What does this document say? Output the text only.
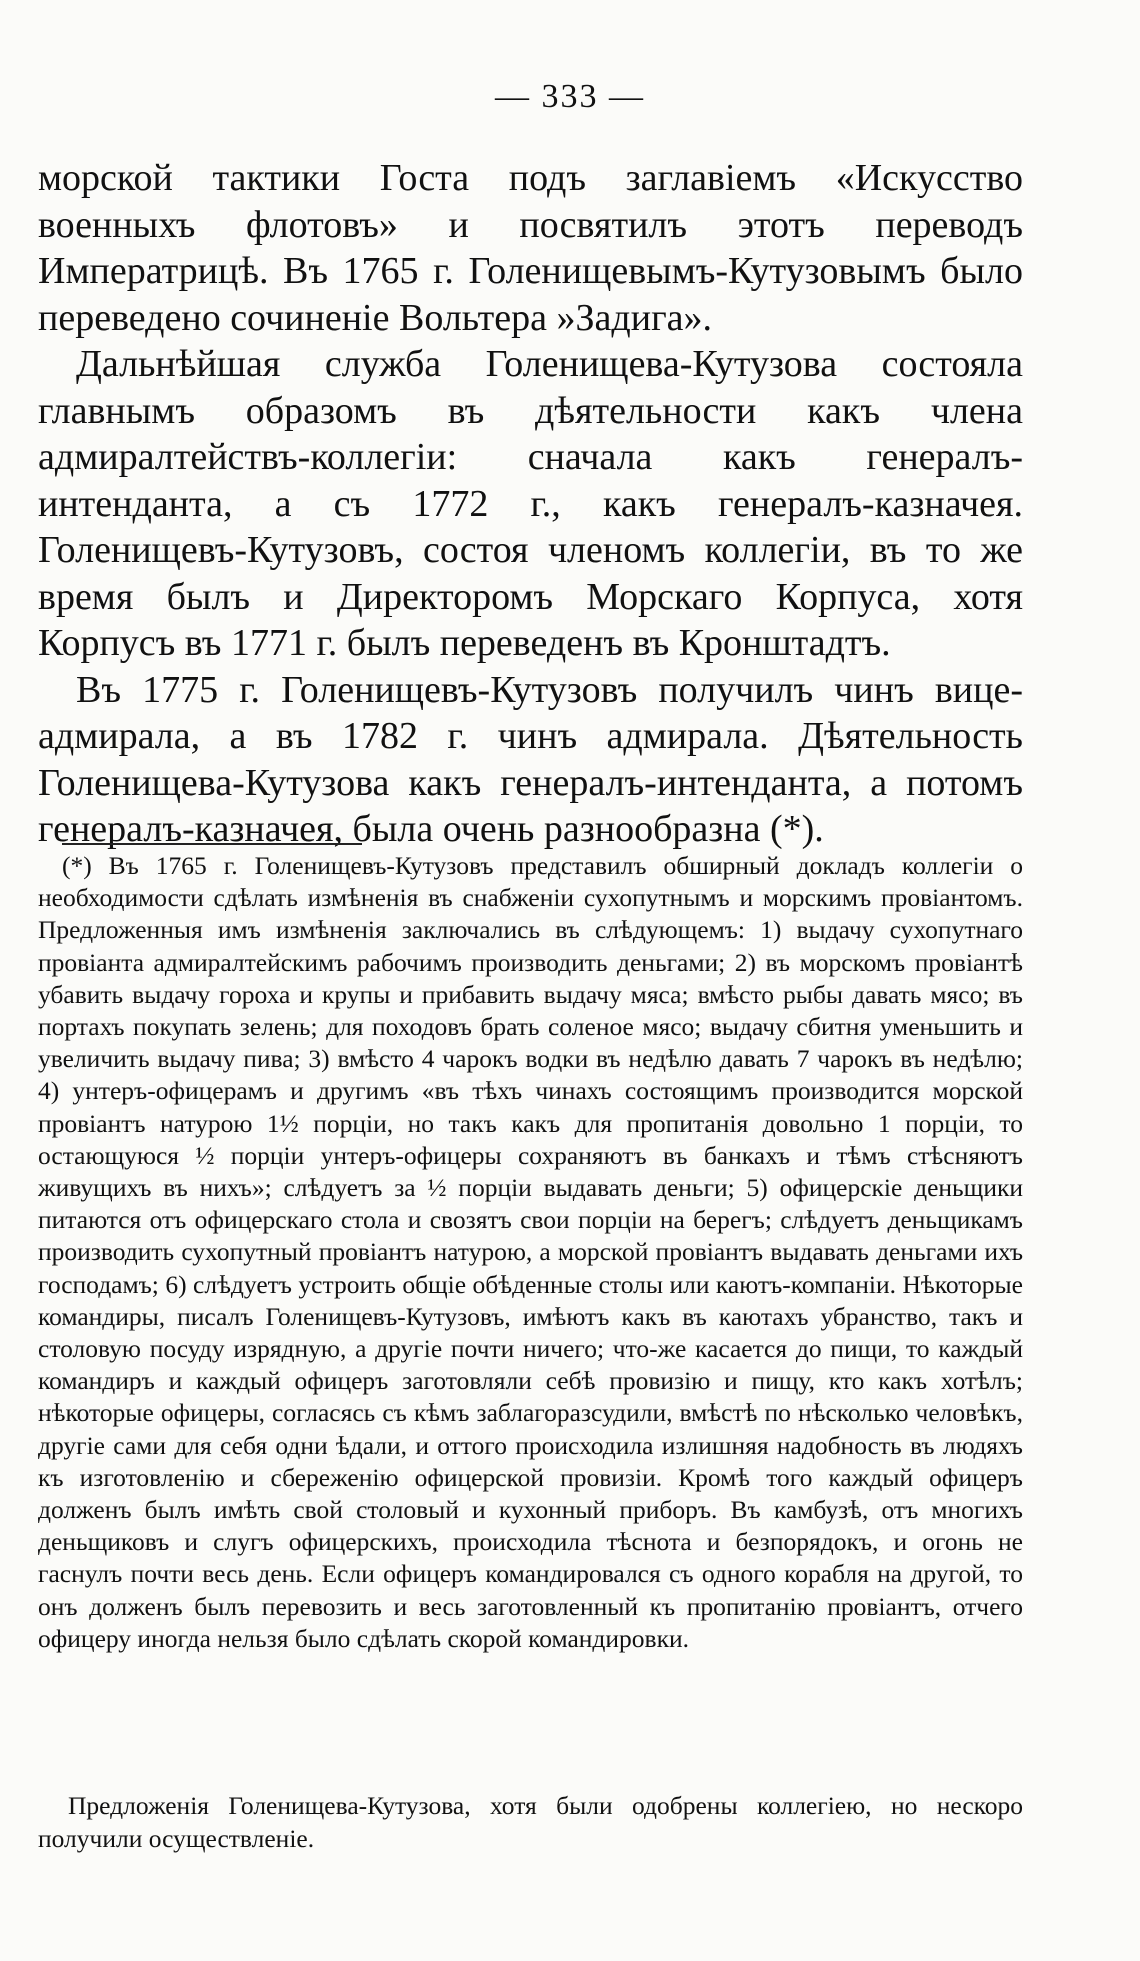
— 333 —

морской тактики Госта подъ заглавіемъ «Искусство военныхъ флотовъ» и посвятилъ этотъ переводъ Императрицѣ. Въ 1765 г. Голенищевымъ-Кутузовымъ было переведено сочиненіе Вольтера »Задига».

Дальнѣйшая служба Голенищева-Кутузова состояла главнымъ образомъ въ дѣятельности какъ члена адмиралтействъ-коллегіи: сначала какъ генералъ-интенданта, а съ 1772 г., какъ генералъ-казначея. Голенищевъ-Кутузовъ, состоя членомъ коллегіи, въ то же время былъ и Директоромъ Морскаго Корпуса, хотя Корпусъ въ 1771 г. былъ переведенъ въ Кронштадтъ.

Въ 1775 г. Голенищевъ-Кутузовъ получилъ чинъ вице-адмирала, а въ 1782 г. чинъ адмирала. Дѣятельность Голенищева-Кутузова какъ генералъ-интенданта, а потомъ генералъ-казначея, была очень разнообразна (*).

(*) Въ 1765 г. Голенищевъ-Кутузовъ представилъ обширный докладъ коллегіи о необходимости сдѣлать измѣненія въ снабженіи сухопутнымъ и морскимъ провіантомъ. Предложенныя имъ измѣненія заключались въ слѣдующемъ: 1) выдачу сухопутнаго провіанта адмиралтейскимъ рабочимъ производить деньгами; 2) въ морскомъ провіантѣ убавить выдачу гороха и крупы и прибавить выдачу мяса; вмѣсто рыбы давать мясо; въ портахъ покупать зелень; для походовъ брать соленое мясо; выдачу сбитня уменьшить и увеличить выдачу пива; 3) вмѣсто 4 чарокъ водки въ недѣлю давать 7 чарокъ въ недѣлю; 4) унтеръ-офицерамъ и другимъ «въ тѣхъ чинахъ состоящимъ производится морской провіантъ натурою 1½ порціи, но такъ какъ для пропитанія довольно 1 порціи, то остающуюся ½ порціи унтеръ-офицеры сохраняютъ въ банкахъ и тѣмъ стѣсняютъ живущихъ въ нихъ»; слѣдуетъ за ½ порціи выдавать деньги; 5) офицерскіе деньщики питаются отъ офицерскаго стола и свозятъ свои порціи на берегъ; слѣдуетъ деньщикамъ производить сухопутный провіантъ натурою, а морской провіантъ выдавать деньгами ихъ господамъ; 6) слѣдуетъ устроить общіе обѣденные столы или каютъ-компаніи. Нѣкоторые командиры, писалъ Голенищевъ-Кутузовъ, имѣютъ какъ въ каютахъ убранство, такъ и столовую посуду изрядную, а другіе почти ничего; что-же касается до пищи, то каждый командиръ и каждый офицеръ заготовляли себѣ провизію и пищу, кто какъ хотѣлъ; нѣкоторые офицеры, согласясь съ кѣмъ заблагоразсудили, вмѣстѣ по нѣсколько человѣкъ, другіе сами для себя одни ѣдали, и оттого происходила излишняя надобность въ людяхъ къ изготовленію и сбереженію офицерской провизіи. Кромѣ того каждый офицеръ долженъ былъ имѣть свой столовый и кухонный приборъ. Въ камбузѣ, отъ многихъ деньщиковъ и слугъ офицерскихъ, происходила тѣснота и безпорядокъ, и огонь не гаснулъ почти весь день. Если офицеръ командировался съ одного корабля на другой, то онъ долженъ былъ перевозить и весь заготовленный къ пропитанію провіантъ, отчего офицеру иногда нельзя было сдѣлать скорой командировки.

Предложенія Голенищева-Кутузова, хотя были одобрены коллегіею, но нескоро получили осуществленіе.
